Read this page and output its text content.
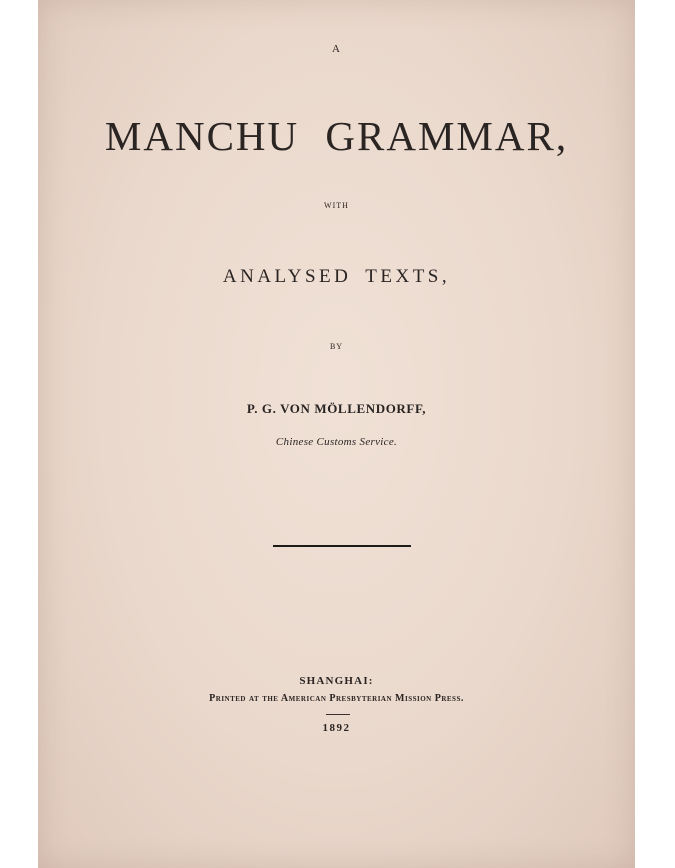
A
MANCHU GRAMMAR,
WITH
ANALYSED TEXTS,
BY
P. G. VON MÖLLENDORFF,
Chinese Customs Service.
SHANGHAI:
Printed at the American Presbyterian Mission Press.
1892
